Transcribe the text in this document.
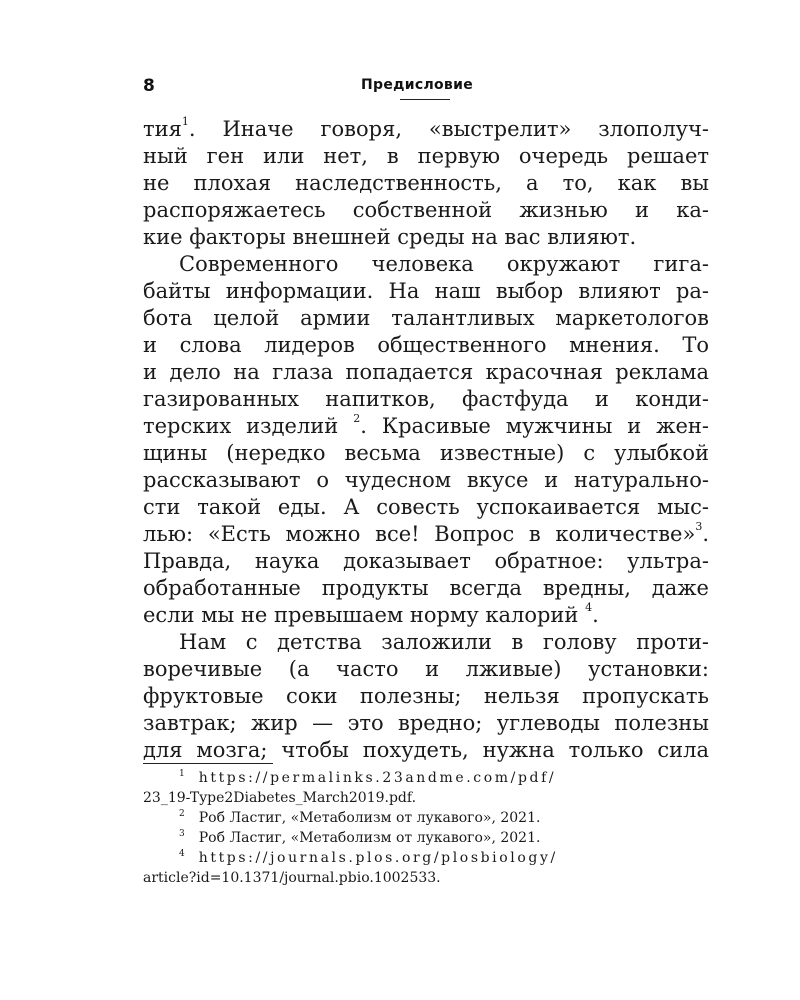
8	Предисловие
тия$^1$. Иначе говоря, «выстрелит» злополуч-
ный ген или нет, в первую очередь решает
не плохая наследственность, а то, как вы
распоряжаетесь собственной жизнью и ка-
кие факторы внешней среды на вас влияют.
Современного человека окружают гига-
байты информации. На наш выбор влияют ра-
бота целой армии талантливых маркетологов
и слова лидеров общественного мнения. То
и дело на глаза попадается красочная реклама
газированных напитков, фастфуда и конди-
терских изделий $^2$. Красивые мужчины и жен-
щины (нередко весьма известные) с улыбкой
рассказывают о чудесном вкусе и натурально-
сти такой еды. А совесть успокаивается мыс-
лью: «Есть можно все! Вопрос в количестве»$^3$.
Правда, наука доказывает обратное: ультра-
обработанные продукты всегда вредны, даже
если мы не превышаем норму калорий $^4$.
Нам с детства заложили в голову проти-
воречивые (а часто и лживые) установки:
фруктовые соки полезны; нельзя пропускать
завтрак; жир — это вредно; углеводы полезны
для мозга; чтобы похудеть, нужна только сила
$^1$ https://permalinks.23andme.com/pdf/
23_19-Type2Diabetes_March2019.pdf.
$^2$ Роб Ластиг, «Метаболизм от лукавого», 2021.
$^3$ Роб Ластиг, «Метаболизм от лукавого», 2021.
$^4$ https://journals.plos.org/plosbiology/
article?id=10.1371/journal.pbio.1002533.
